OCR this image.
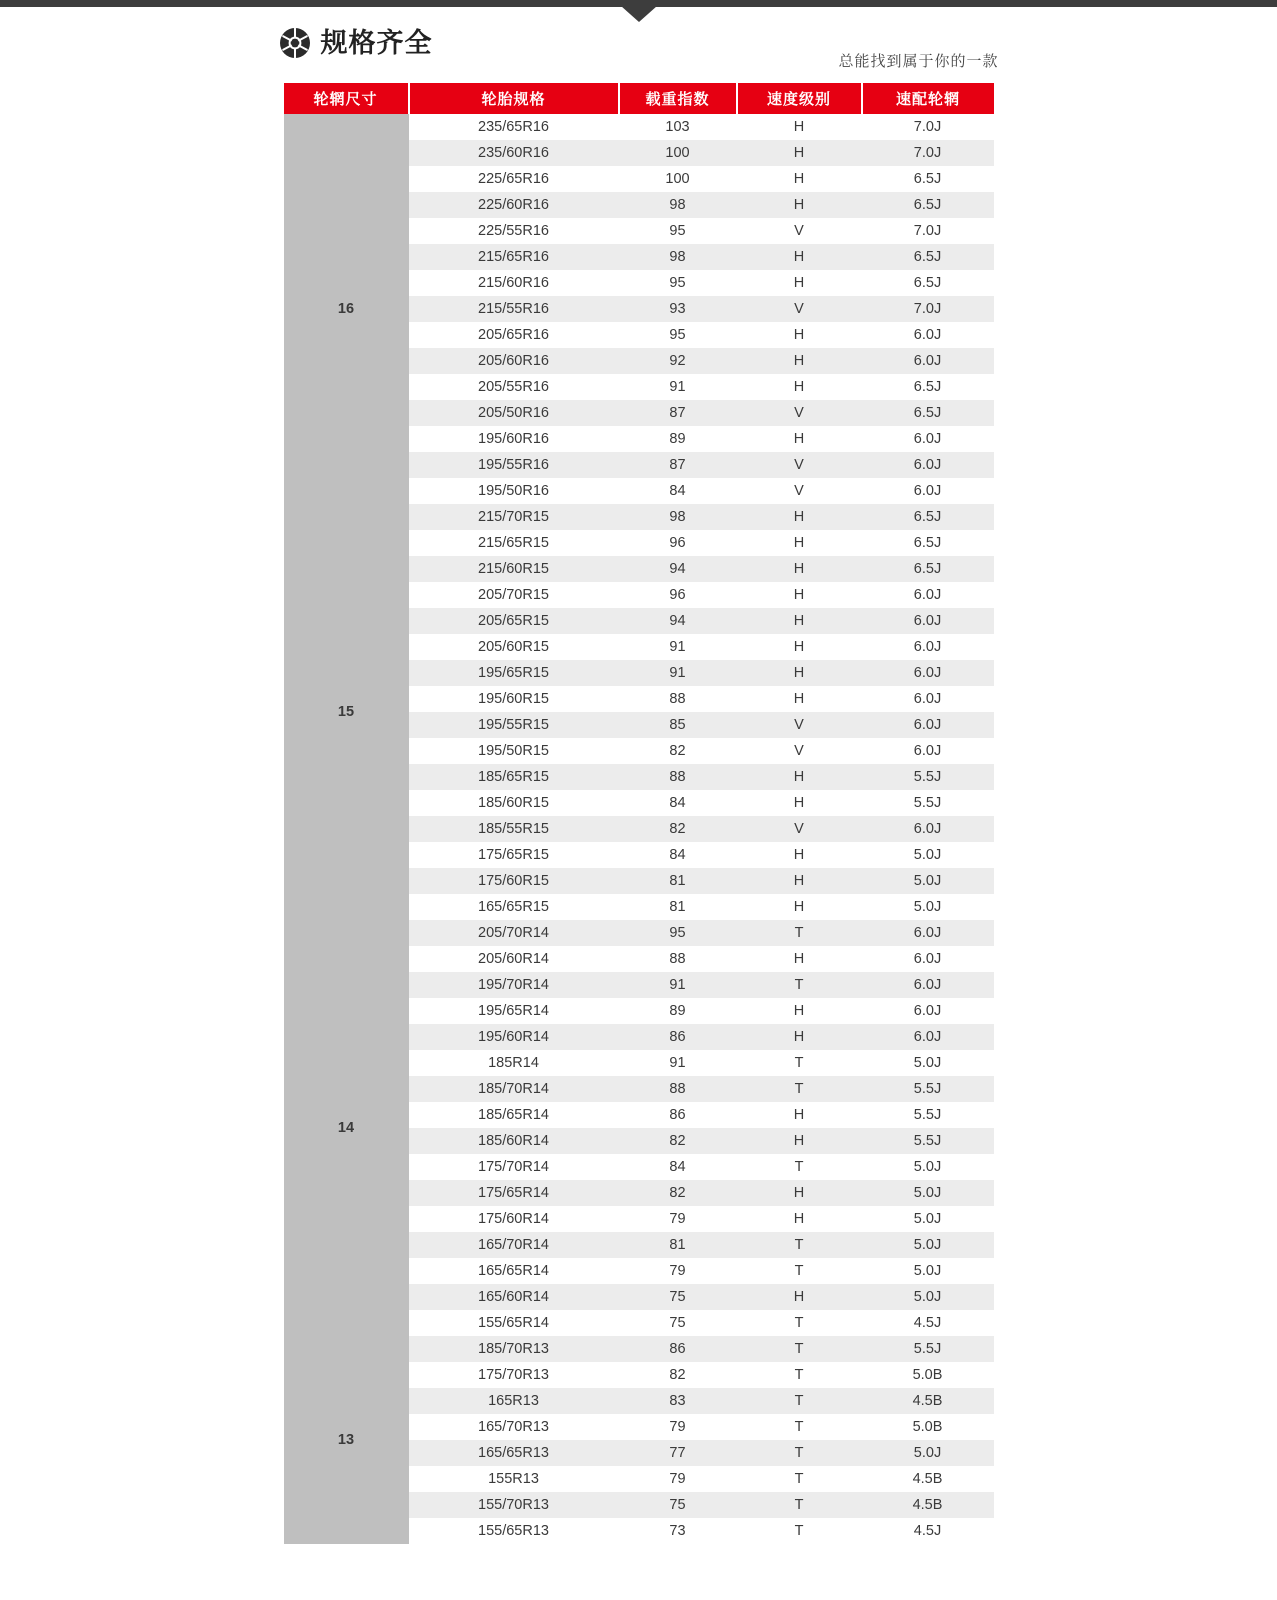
规格齐全
总能找到属于你的一款
轮辋尺寸	轮胎规格	载重指数	速度级别	速配轮辋
16	235/65R16	103	H	7.0J
	235/60R16	100	H	7.0J
	225/65R16	100	H	6.5J
	225/60R16	98	H	6.5J
	225/55R16	95	V	7.0J
	215/65R16	98	H	6.5J
	215/60R16	95	H	6.5J
	215/55R16	93	V	7.0J
	205/65R16	95	H	6.0J
	205/60R16	92	H	6.0J
	205/55R16	91	H	6.5J
	205/50R16	87	V	6.5J
	195/60R16	89	H	6.0J
	195/55R16	87	V	6.0J
	195/50R16	84	V	6.0J
15	215/70R15	98	H	6.5J
	215/65R15	96	H	6.5J
	215/60R15	94	H	6.5J
	205/70R15	96	H	6.0J
	205/65R15	94	H	6.0J
	205/60R15	91	H	6.0J
	195/65R15	91	H	6.0J
	195/60R15	88	H	6.0J
	195/55R15	85	V	6.0J
	195/50R15	82	V	6.0J
	185/65R15	88	H	5.5J
	185/60R15	84	H	5.5J
	185/55R15	82	V	6.0J
	175/65R15	84	H	5.0J
	175/60R15	81	H	5.0J
	165/65R15	81	H	5.0J
14	205/70R14	95	T	6.0J
	205/60R14	88	H	6.0J
	195/70R14	91	T	6.0J
	195/65R14	89	H	6.0J
	195/60R14	86	H	6.0J
	185R14	91	T	5.0J
	185/70R14	88	T	5.5J
	185/65R14	86	H	5.5J
	185/60R14	82	H	5.5J
	175/70R14	84	T	5.0J
	175/65R14	82	H	5.0J
	175/60R14	79	H	5.0J
	165/70R14	81	T	5.0J
	165/65R14	79	T	5.0J
	165/60R14	75	H	5.0J
	155/65R14	75	T	4.5J
13	185/70R13	86	T	5.5J
	175/70R13	82	T	5.0B
	165R13	83	T	4.5B
	165/70R13	79	T	5.0B
	165/65R13	77	T	5.0J
	155R13	79	T	4.5B
	155/70R13	75	T	4.5B
	155/65R13	73	T	4.5J
